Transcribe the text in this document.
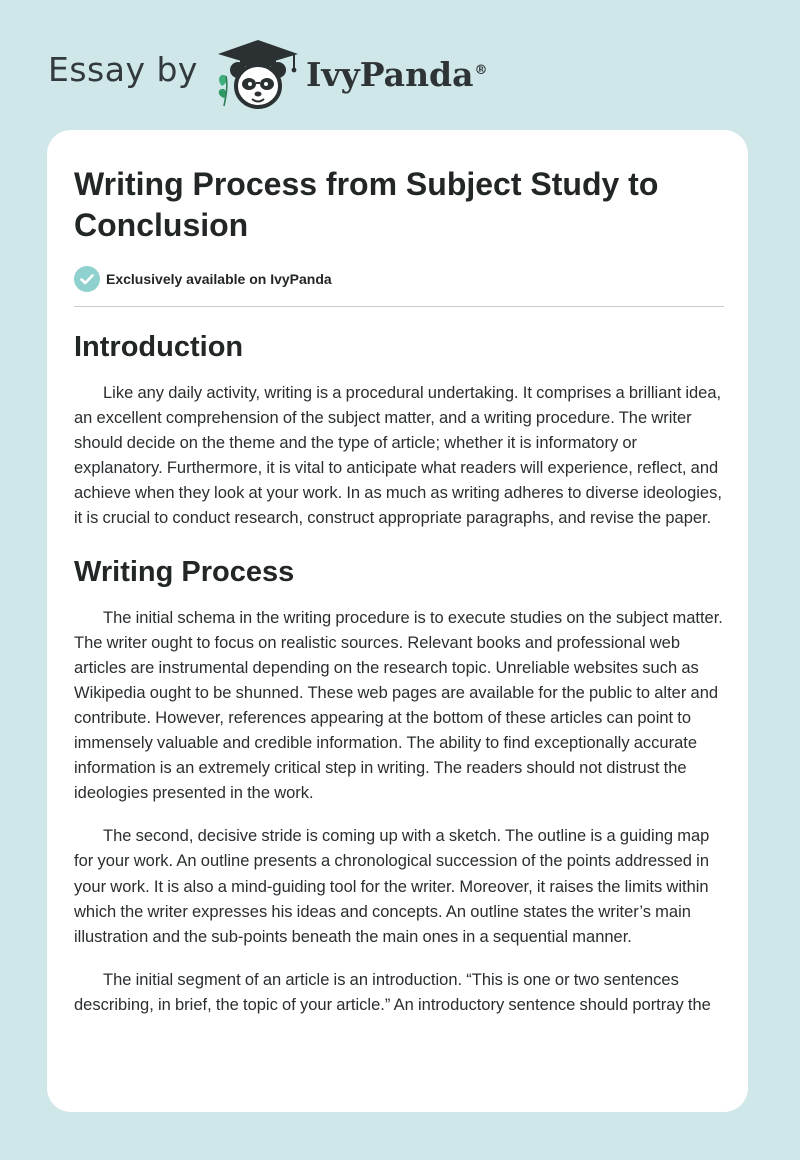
Essay by	IvyPanda®
Writing Process from Subject Study to Conclusion
Exclusively available on IvyPanda
Introduction

Like any daily activity, writing is a procedural undertaking. It comprises a brilliant idea, an excellent comprehension of the subject matter, and a writing procedure. The writer should decide on the theme and the type of article; whether it is informatory or explanatory. Furthermore, it is vital to anticipate what readers will experience, reflect, and achieve when they look at your work. In as much as writing adheres to diverse ideologies, it is crucial to conduct research, construct appropriate paragraphs, and revise the paper.

Writing Process

The initial schema in the writing procedure is to execute studies on the subject matter. The writer ought to focus on realistic sources. Relevant books and professional web articles are instrumental depending on the research topic. Unreliable websites such as Wikipedia ought to be shunned. These web pages are available for the public to alter and contribute. However, references appearing at the bottom of these articles can point to immensely valuable and credible information. The ability to find exceptionally accurate information is an extremely critical step in writing. The readers should not distrust the ideologies presented in the work.

The second, decisive stride is coming up with a sketch. The outline is a guiding map for your work. An outline presents a chronological succession of the points addressed in your work. It is also a mind-guiding tool for the writer. Moreover, it raises the limits within which the writer expresses his ideas and concepts. An outline states the writer’s main illustration and the sub-points beneath the main ones in a sequential manner.

The initial segment of an article is an introduction. “This is one or two sentences describing, in brief, the topic of your article.” An introductory sentence should portray the
